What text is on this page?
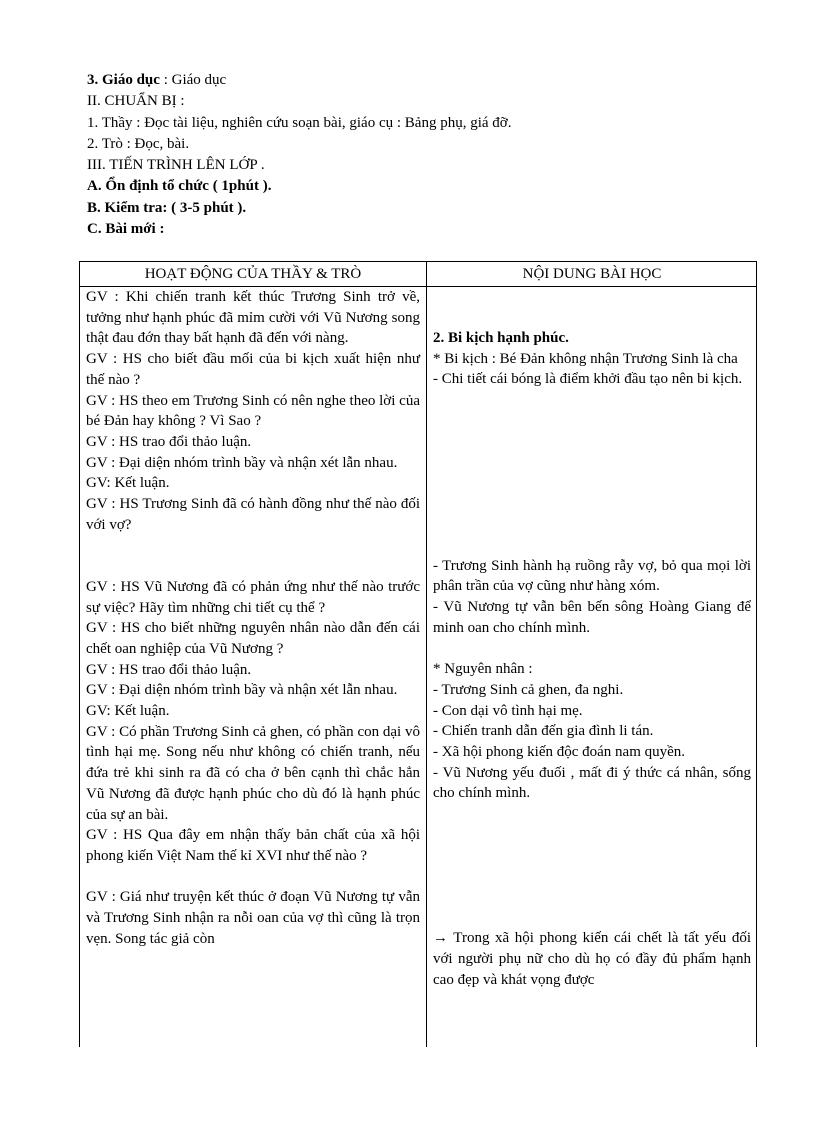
3. Giáo dục : Giáo dục
II. CHUẨN BỊ :
1. Thầy : Đọc tài liệu, nghiên cứu soạn bài, giáo cụ : Bảng phụ, giá đỡ.
2. Trò : Đọc, bài.
III. TIẾN TRÌNH LÊN LỚP .
A. Ổn định tổ chức ( 1phút ).
B. Kiểm tra: ( 3-5 phút ).
C. Bài mới :
HOẠT ĐỘNG CỦA THẦY & TRÒ	NỘI DUNG BÀI HỌC

GV : Khi chiến tranh kết thúc Trương Sinh trở về, tưởng như hạnh phúc đã mỉm cười với Vũ Nương song thật đau đớn thay bất hạnh đã đến với nàng.

GV : HS cho biết đầu mối của bi kịch xuất hiện như thế nào ?

GV : HS theo em Trương Sinh có nên nghe theo lời của bé Đản hay không ? Vì Sao ?

GV : HS trao đổi thảo luận.

GV : Đại diện nhóm trình bầy và nhận xét lẫn nhau.

GV: Kết luận.

GV : HS Trương Sinh đã có hành đồng như thế nào đối với vợ?

GV : HS Vũ Nương đã có phản ứng như thế nào trước sự việc? Hãy tìm những chi tiết cụ thể ?

GV : HS cho biết những nguyên nhân nào dẫn đến cái chết oan nghiệp của Vũ Nương ?

GV : HS trao đổi thảo luận.

GV : Đại diện nhóm trình bầy và nhận xét lẫn nhau.

GV: Kết luận.

GV : Có phần Trương Sinh cả ghen, có phần con dại vô tình hại mẹ. Song nếu như không có chiến tranh, nếu đứa trẻ khi sinh ra đã có cha ở bên cạnh thì chắc hẳn Vũ Nương đã được hạnh phúc cho dù đó là hạnh phúc của sự an bài.

GV : HS Qua đây em nhận thấy bản chất của xã hội phong kiến Việt Nam thế kỉ XVI như thế nào ?

GV : Giá như truyện kết thúc ở đoạn Vũ Nương tự vẫn và Trương Sinh nhận ra nỗi oan của vợ thì cũng là trọn vẹn. Song tác giả còn

2. Bi kịch hạnh phúc.

* Bi kịch : Bé Đản không nhận Trương Sinh là cha

- Chi tiết cái bóng là điểm khởi đầu tạo nên bi kịch.

- Trương Sinh hành hạ ruồng rẫy vợ, bỏ qua mọi lời phân trần của vợ cũng như hàng xóm.

- Vũ Nương tự vẫn bên bến sông Hoàng Giang để minh oan cho chính mình.

* Nguyên nhân :

- Trương Sinh cả ghen, đa nghi.

- Con dại vô tình hại mẹ.

- Chiến tranh dẫn đến gia đình li tán.

- Xã hội phong kiến độc đoán nam quyền.

- Vũ Nương yếu đuối , mất đi ý thức cá nhân, sống cho chính mình.

→ Trong xã hội phong kiến cái chết là tất yếu đối với người phụ nữ cho dù họ có đầy đủ phẩm hạnh cao đẹp và khát vọng được
